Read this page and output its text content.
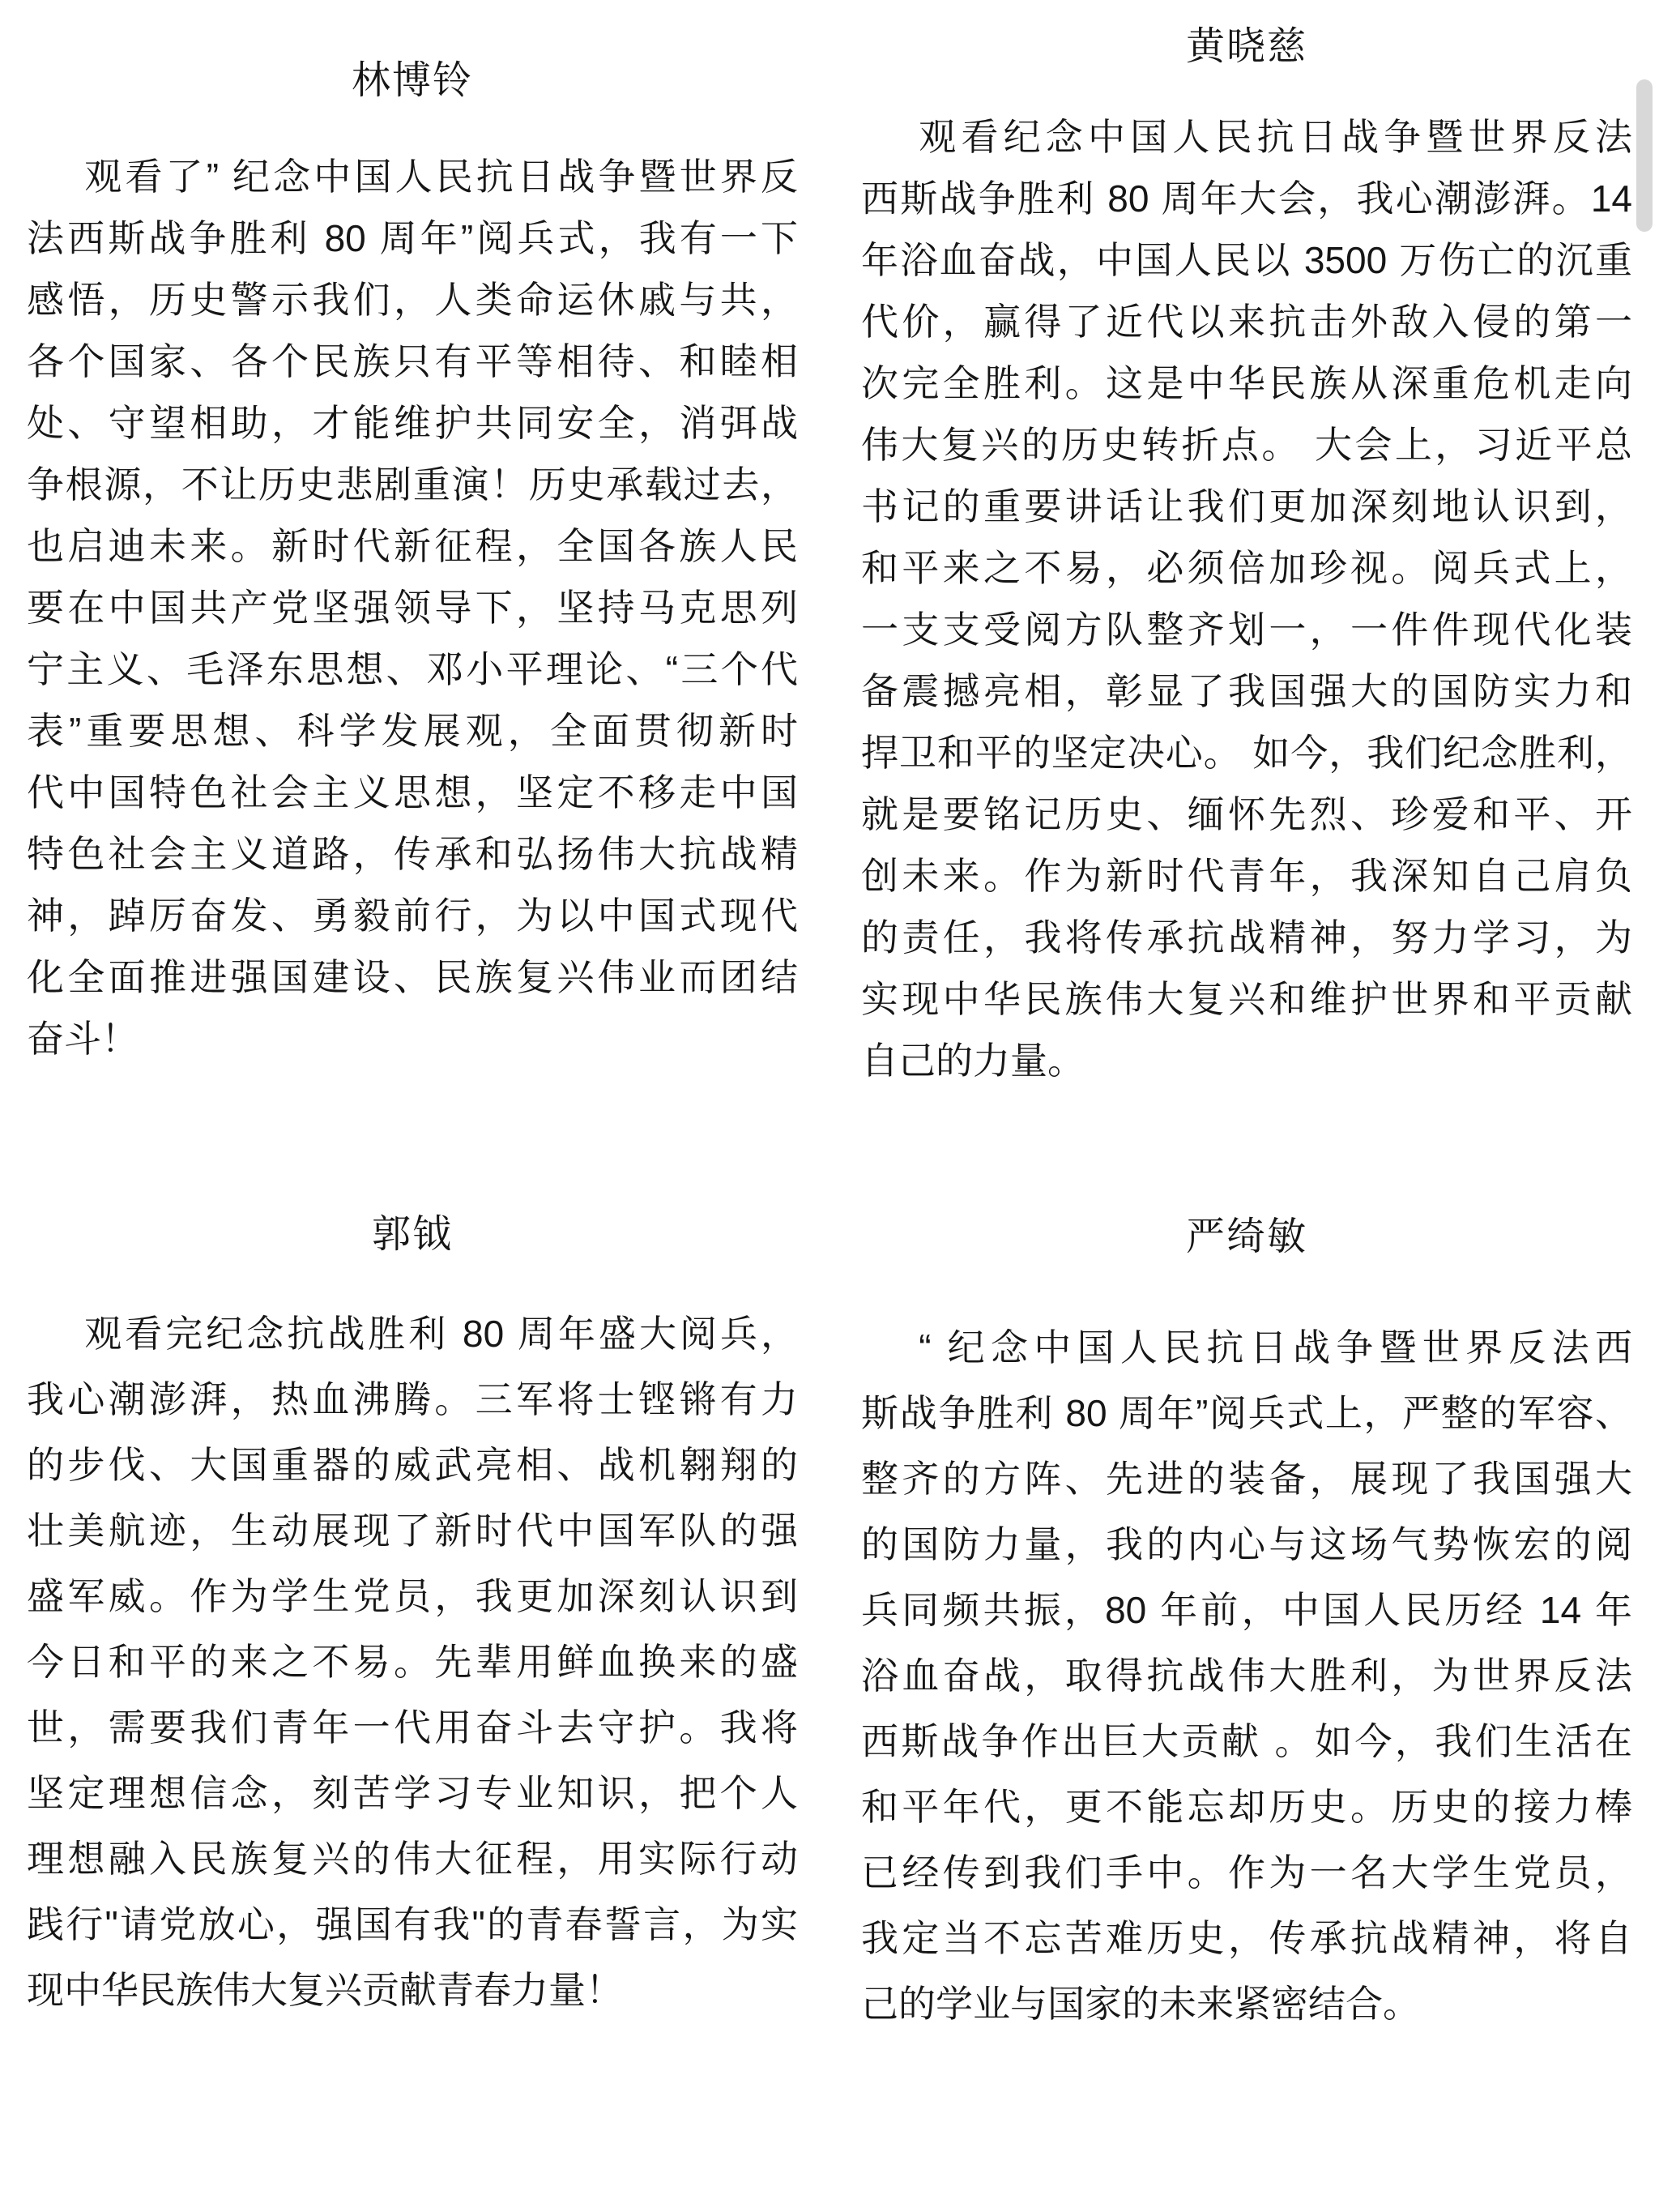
林博铃
观看了” 纪念中国人民抗日战争暨世界反
法西斯战争胜利 80 周年”阅兵式，我有一下
感悟，历史警示我们，人类命运休戚与共，
各个国家、各个民族只有平等相待、和睦相
处、守望相助，才能维护共同安全，消弭战
争根源，不让历史悲剧重演！历史承载过去，
也启迪未来。新时代新征程，全国各族人民
要在中国共产党坚强领导下，坚持马克思列
宁主义、毛泽东思想、邓小平理论、“三个代
表”重要思想、科学发展观，全面贯彻新时
代中国特色社会主义思想，坚定不移走中国
特色社会主义道路，传承和弘扬伟大抗战精
神，踔厉奋发、勇毅前行，为以中国式现代
化全面推进强国建设、民族复兴伟业而团结
奋斗！
黄晓慈
观看纪念中国人民抗日战争暨世界反法
西斯战争胜利 80 周年大会，我心潮澎湃。14
年浴血奋战，中国人民以 3500 万伤亡的沉重
代价，赢得了近代以来抗击外敌入侵的第一
次完全胜利。这是中华民族从深重危机走向
伟大复兴的历史转折点。 大会上，习近平总
书记的重要讲话让我们更加深刻地认识到，
和平来之不易，必须倍加珍视。阅兵式上，
一支支受阅方队整齐划一，一件件现代化装
备震撼亮相，彰显了我国强大的国防实力和
捍卫和平的坚定决心。 如今，我们纪念胜利，
就是要铭记历史、缅怀先烈、珍爱和平、开
创未来。作为新时代青年，我深知自己肩负
的责任，我将传承抗战精神，努力学习，为
实现中华民族伟大复兴和维护世界和平贡献
自己的力量。
郭钺
观看完纪念抗战胜利 80 周年盛大阅兵，
我心潮澎湃，热血沸腾。三军将士铿锵有力
的步伐、大国重器的威武亮相、战机翱翔的
壮美航迹，生动展现了新时代中国军队的强
盛军威。作为学生党员，我更加深刻认识到
今日和平的来之不易。先辈用鲜血换来的盛
世，需要我们青年一代用奋斗去守护。我将
坚定理想信念，刻苦学习专业知识，把个人
理想融入民族复兴的伟大征程，用实际行动
践行"请党放心，强国有我"的青春誓言，为实
现中华民族伟大复兴贡献青春力量！
严绮敏
“ 纪念中国人民抗日战争暨世界反法西
斯战争胜利 80 周年”阅兵式上，严整的军容、
整齐的方阵、先进的装备，展现了我国强大
的国防力量，我的内心与这场气势恢宏的阅
兵同频共振，80 年前，中国人民历经 14 年
浴血奋战，取得抗战伟大胜利，为世界反法
西斯战争作出巨大贡献 。如今，我们生活在
和平年代，更不能忘却历史。历史的接力棒
已经传到我们手中。作为一名大学生党员，
我定当不忘苦难历史，传承抗战精神，将自
己的学业与国家的未来紧密结合。
